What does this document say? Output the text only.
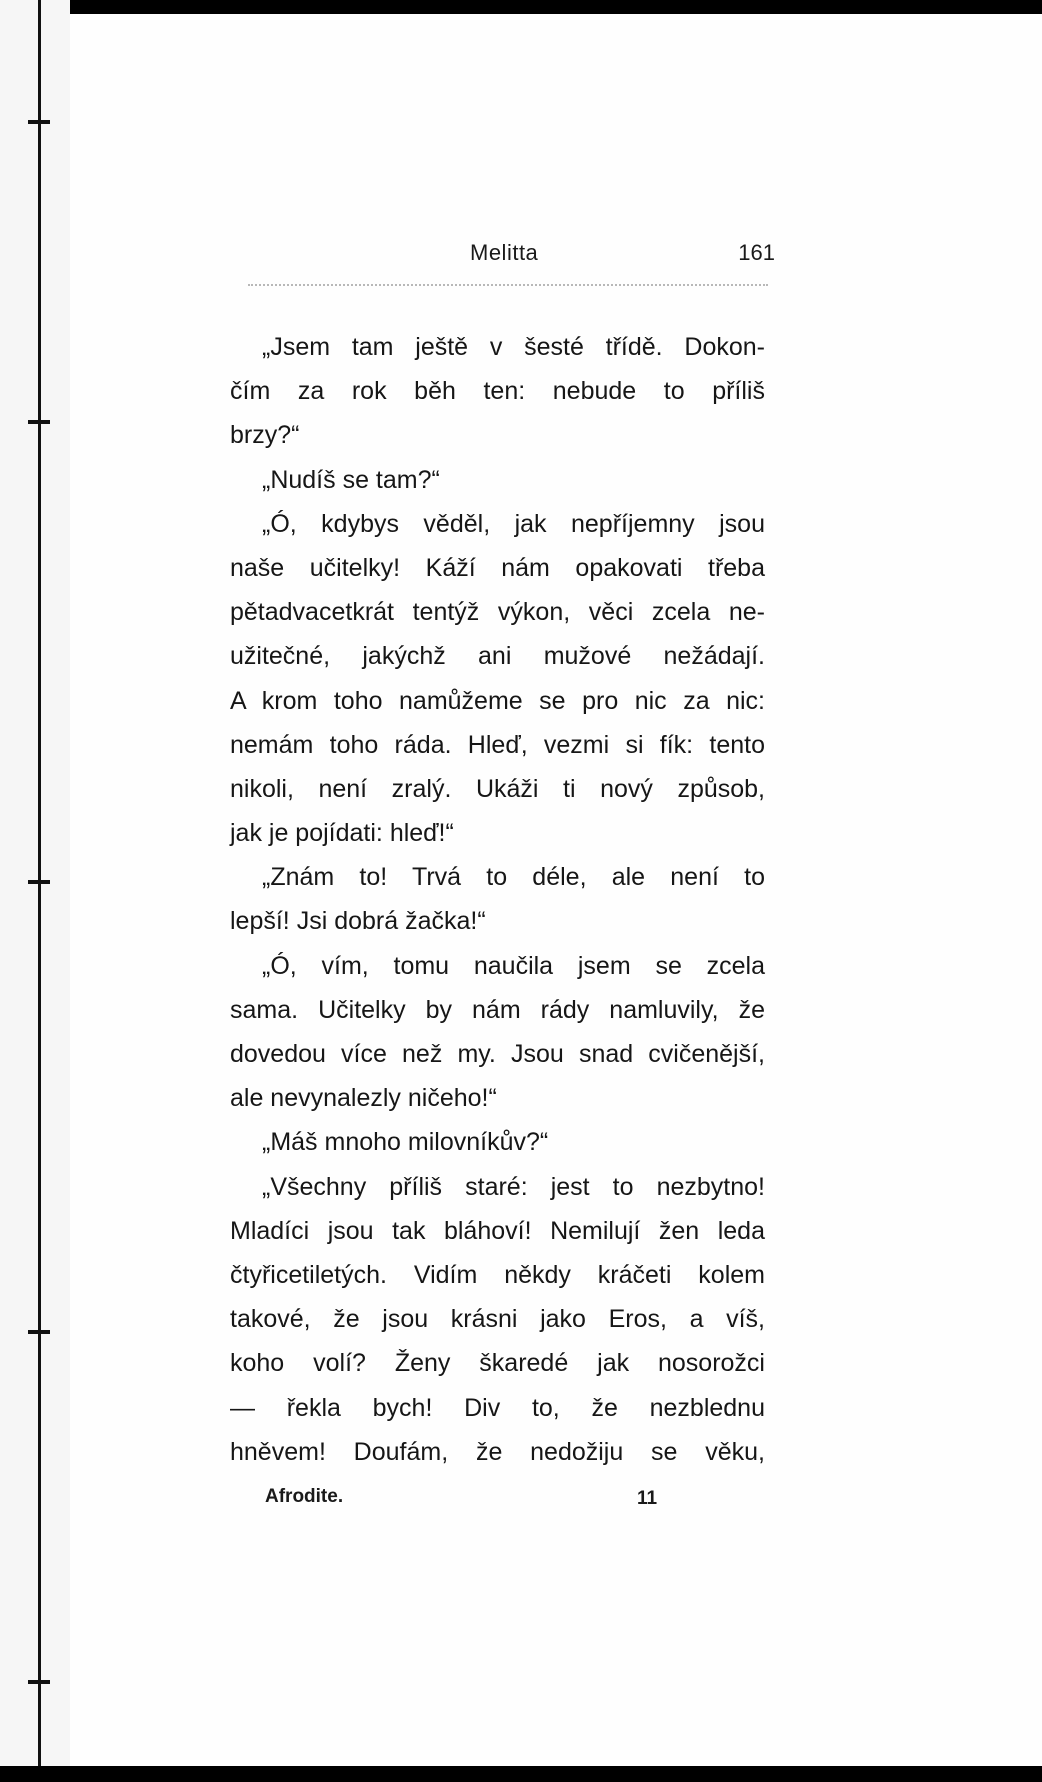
Melitta	161
„Jsem tam ještě v šesté třídě. Dokon-
čím za rok běh ten: nebude to příliš
brzy?“
„Nudíš se tam?“
„Ó, kdybys věděl, jak nepříjemny jsou
naše učitelky! Káží nám opakovati třeba
pětadvacetkrát tentýž výkon, věci zcela ne-
užitečné, jakýchž ani mužové nežádají.
A krom toho namůžeme se pro nic za nic:
nemám toho ráda. Hleď, vezmi si fík: tento
nikoli, není zralý. Ukáži ti nový způsob,
jak je pojídati: hleď!“
„Znám to! Trvá to déle, ale není to
lepší! Jsi dobrá žačka!“
„Ó, vím, tomu naučila jsem se zcela
sama. Učitelky by nám rády namluvily, že
dovedou více než my. Jsou snad cvičenější,
ale nevynalezly ničeho!“
„Máš mnoho milovníkův?“
„Všechny příliš staré: jest to nezbytno!
Mladíci jsou tak bláhoví! Nemilují žen leda
čtyřicetiletých. Vidím někdy kráčeti kolem
takové, že jsou krásni jako Eros, a víš,
koho volí? Ženy škaredé jak nosorožci
— řekla bych! Div to, že nezblednu
hněvem! Doufám, že nedožiju se věku,
Afrodite.	11
